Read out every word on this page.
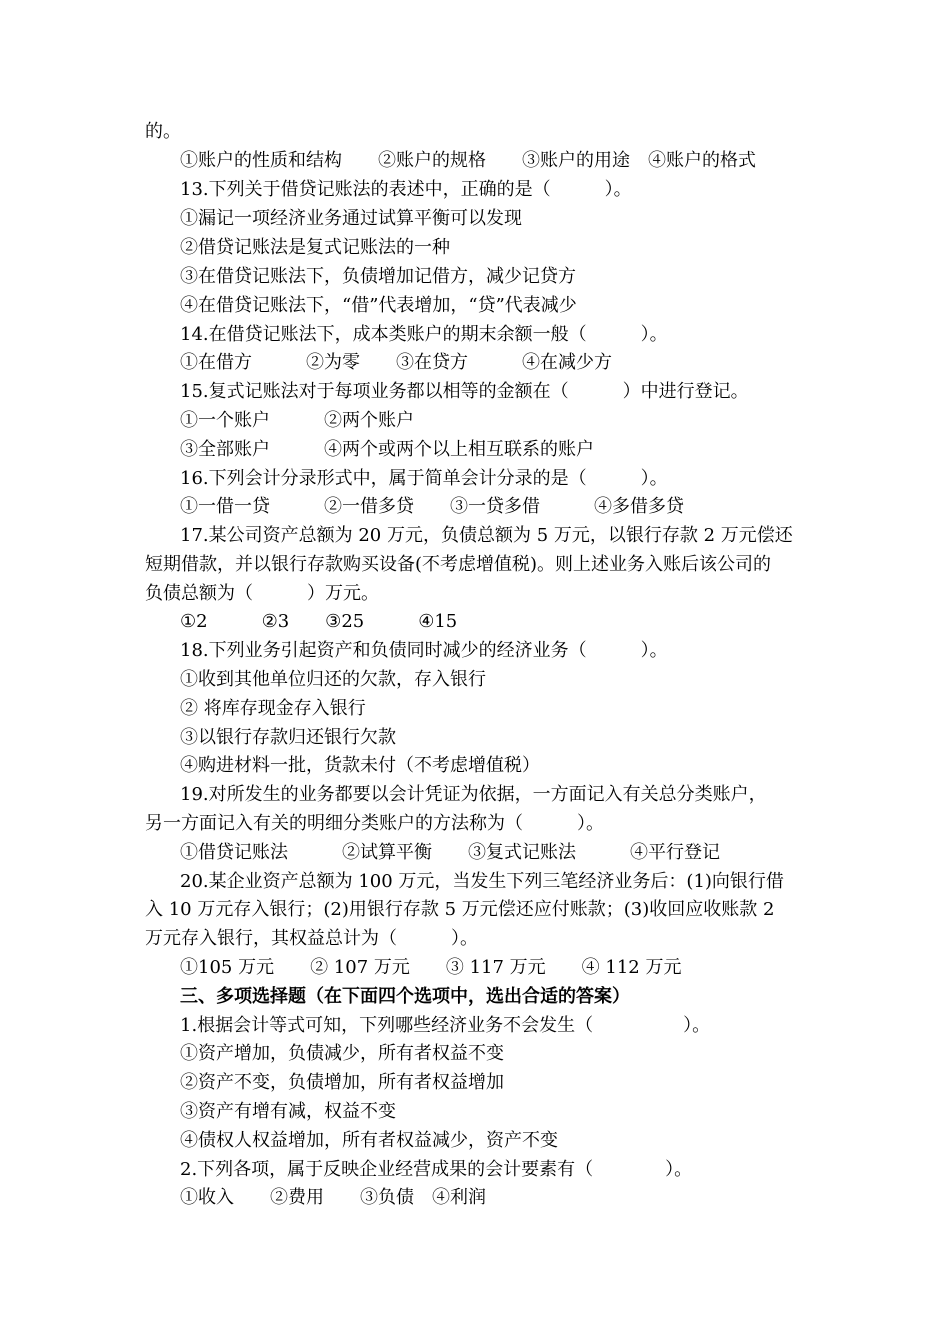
的。
①账户的性质和结构　　②账户的规格　　③账户的用途　④账户的格式
13.下列关于借贷记账法的表述中，正确的是（　　　）。
①漏记一项经济业务通过试算平衡可以发现
②借贷记账法是复式记账法的一种
③在借贷记账法下，负债增加记借方，减少记贷方
④在借贷记账法下，“借”代表增加，“贷”代表减少
14.在借贷记账法下，成本类账户的期末余额一般（　　　）。
①在借方　　　②为零　　③在贷方　　　④在减少方
15.复式记账法对于每项业务都以相等的金额在（　　　）中进行登记。
①一个账户　　　②两个账户
③全部账户　　　④两个或两个以上相互联系的账户
16.下列会计分录形式中，属于简单会计分录的是（　　　）。
①一借一贷　　　②一借多贷　　③一贷多借　　　④多借多贷
17.某公司资产总额为 20 万元，负债总额为 5 万元，以银行存款 2 万元偿还
短期借款，并以银行存款购买设备(不考虑增值税)。则上述业务入账后该公司的
负债总额为（　　　）万元。
①2　　　②3　　③25　　　④15
18.下列业务引起资产和负债同时减少的经济业务（　　　）。
①收到其他单位归还的欠款，存入银行
② 将库存现金存入银行
③以银行存款归还银行欠款
④购进材料一批，货款未付（不考虑增值税）
19.对所发生的业务都要以会计凭证为依据，一方面记入有关总分类账户，
另一方面记入有关的明细分类账户的方法称为（　　　）。
①借贷记账法　　　②试算平衡　　③复式记账法　　　④平行登记
20.某企业资产总额为 100 万元，当发生下列三笔经济业务后：(1)向银行借
入 10 万元存入银行；(2)用银行存款 5 万元偿还应付账款；(3)收回应收账款 2
万元存入银行，其权益总计为（　　　）。
①105 万元　　② 107 万元　　③ 117 万元　　④ 112 万元
三、多项选择题（在下面四个选项中，选出合适的答案）
1.根据会计等式可知，下列哪些经济业务不会发生（　　　　　）。
①资产增加，负债减少，所有者权益不变
②资产不变，负债增加，所有者权益增加
③资产有增有减，权益不变
④债权人权益增加，所有者权益减少，资产不变
2.下列各项，属于反映企业经营成果的会计要素有（　　　　）。
①收入　　②费用　　③负债　④利润
